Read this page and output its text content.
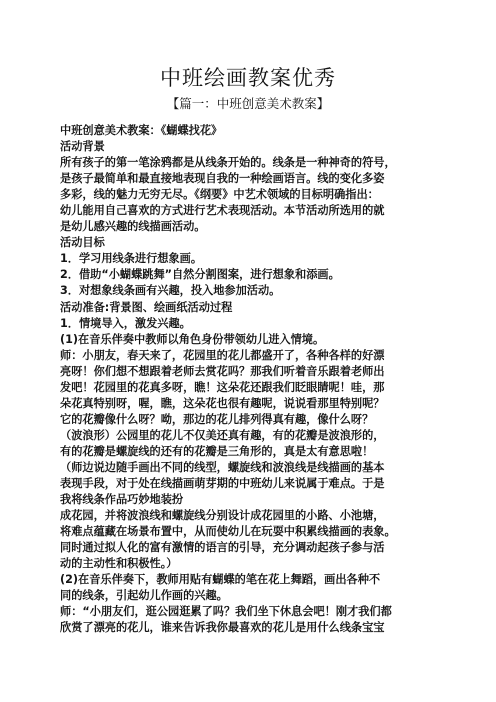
中班绘画教案优秀
【篇一：中班创意美术教案】
中班创意美术教案：《蝴蝶找花》
活动背景
所有孩子的第一笔涂鸦都是从线条开始的。线条是一种神奇的符号，
是孩子最简单和最直接地表现自我的一种绘画语言。线的变化多姿
多彩，线的魅力无穷无尽。《纲要》中艺术领域的目标明确指出：
幼儿能用自己喜欢的方式进行艺术表现活动。本节活动所选用的就
是幼儿感兴趣的线描画活动。
活动目标
1．学习用线条进行想象画。
2．借助“小蝴蝶跳舞”自然分割图案，进行想象和添画。
3．对想象线条画有兴趣，投入地参加活动。
活动准备:背景图、绘画纸活动过程
1．情境导入，激发兴趣。
(1)在音乐伴奏中教师以角色身份带领幼儿进入情境。
师：小朋友，春天来了，花园里的花儿都盛开了，各种各样的好漂
亮呀！你们想不想跟着老师去赏花吗？那我们听着音乐跟着老师出
发吧！花园里的花真多呀，瞧！这朵花还跟我们眨眼睛呢！哇，那
朵花真特别呀，喔，瞧，这朵花也很有趣呢，说说看那里特别呢？
它的花瓣像什么呀？呦，那边的花儿排列得真有趣，像什么呀？
（波浪形）公园里的花儿不仅美还真有趣，有的花瓣是波浪形的，
有的花瓣是螺旋线的还有的花瓣是三角形的，真是太有意思啦！
（师边说边随手画出不同的线型，螺旋线和波浪线是线描画的基本
表现手段，对于处在线描画萌芽期的中班幼儿来说属于难点。于是
我将线条作品巧妙地装扮
成花园，并将波浪线和螺旋线分别设计成花园里的小路、小池塘，
将难点蕴藏在场景布置中，从而使幼儿在玩耍中积累线描画的表象。
同时通过拟人化的富有激情的语言的引导，充分调动起孩子参与活
动的主动性和积极性。）
(2)在音乐伴奏下，教师用贴有蝴蝶的笔在花上舞蹈，画出各种不
同的线条，引起幼儿作画的兴趣。
师：“小朋友们，逛公园逛累了吗？我们坐下休息会吧！刚才我们都
欣赏了漂亮的花儿，谁来告诉我你最喜欢的花儿是用什么线条宝宝
